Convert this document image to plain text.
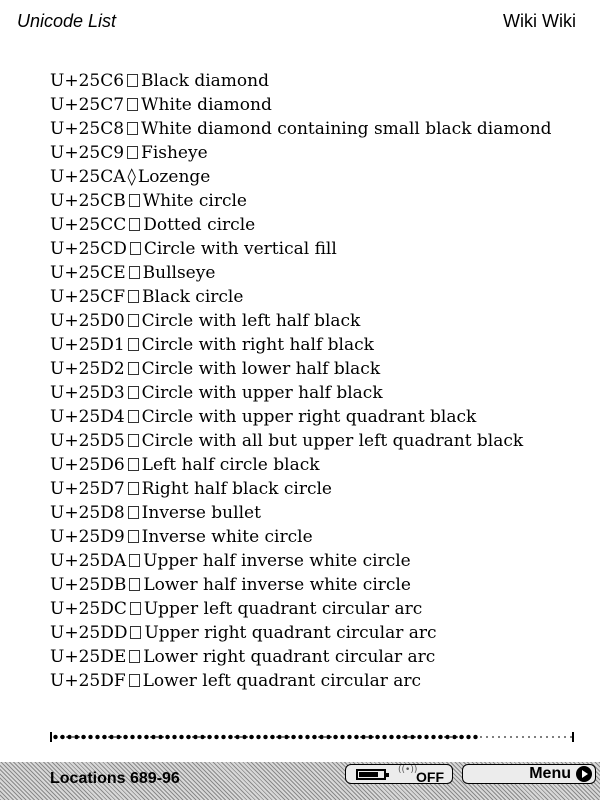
Unicode List	Wiki Wiki
U+25C6 Black diamond
U+25C7 White diamond
U+25C8 White diamond containing small black diamond
U+25C9 Fisheye
U+25CA ◊ Lozenge
U+25CB White circle
U+25CC Dotted circle
U+25CD Circle with vertical fill
U+25CE Bullseye
U+25CF Black circle
U+25D0 Circle with left half black
U+25D1 Circle with right half black
U+25D2 Circle with lower half black
U+25D3 Circle with upper half black
U+25D4 Circle with upper right quadrant black
U+25D5 Circle with all but upper left quadrant black
U+25D6 Left half circle black
U+25D7 Right half black circle
U+25D8 Inverse bullet
U+25D9 Inverse white circle
U+25DA Upper half inverse white circle
U+25DB Lower half inverse white circle
U+25DC Upper left quadrant circular arc
U+25DD Upper right quadrant circular arc
U+25DE Lower right quadrant circular arc
U+25DF Lower left quadrant circular arc
Locations 689-96	((•))
OFF	Menu
